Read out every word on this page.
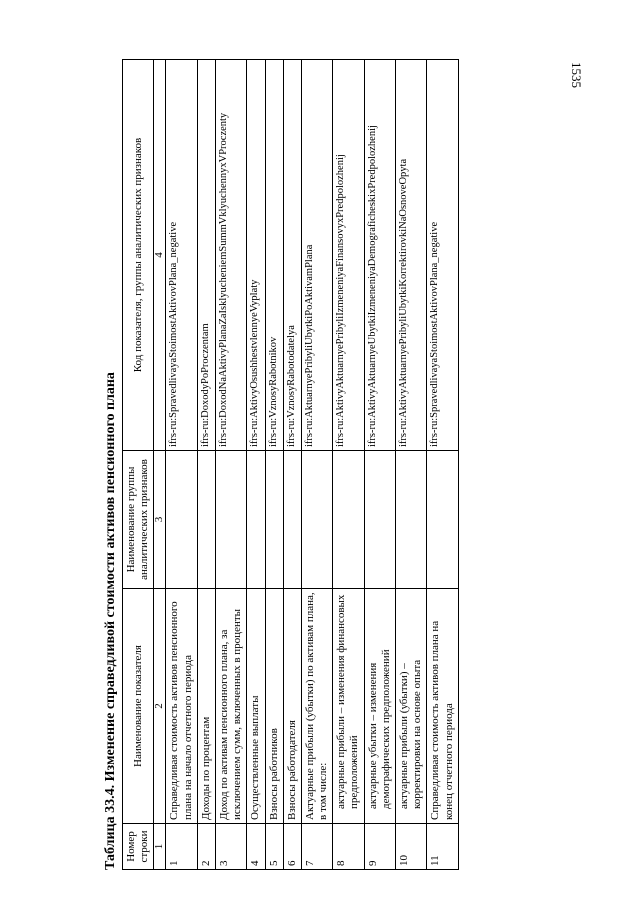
1535
Таблица 33.4. Изменение справедливой стоимости активов пенсионного плана Номер строки	Наименование показателя	Наименование группы аналитических признаков	Код показателя, группы аналитических признаков
1	2	3	4
1	Справедливая стоимость активов пенсионного плана на начало отчетного периода		ifrs-ru:SpravedlivayaStoimostAktivovPlana_negative
2	Доходы по процентам		ifrs-ru:DoxodyPoProczentam
3	Доход по активам пенсионного плана, за исключением сумм, включенных в проценты		ifrs-ru:DoxodNaAktivyPlanaZaIsklyucheniemSummVklyuchennyxVProczenty
4	Осуществленные выплаты		ifrs-ru:AktivyOsushhestvlennyeVyplaty
5	Взносы работников		ifrs-ru:VznosyRabotnikov
6	Взносы работодателя		ifrs-ru:VznosyRabotodatelya
7	Актуарные прибыли (убытки) по активам плана, в том числе:		ifrs-ru:AktuarnyePribyliUbytkiPoAktivamPlana
8	актуарные прибыли – изменения финансовых предположений		ifrs-ru:AktivyAktuarnyePribyliIzmeneniyaFinansovyxPredpolozhenij
9	актуарные убытки – изменения демографических предположений		ifrs-ru:AktivyAktuarnyeUbytkiIzmeneniyaDemograficheskixPredpolozhenij
10	актуарные прибыли (убытки) – корректировки на основе опыта		ifrs-ru:AktivyAktuarnyePribyliUbytkiKorrektirovkiNaOsnoveOpyta
11	Справедливая стоимость активов плана на конец отчетного периода		ifrs-ru:SpravedlivayaStoimostAktivovPlana_negative
